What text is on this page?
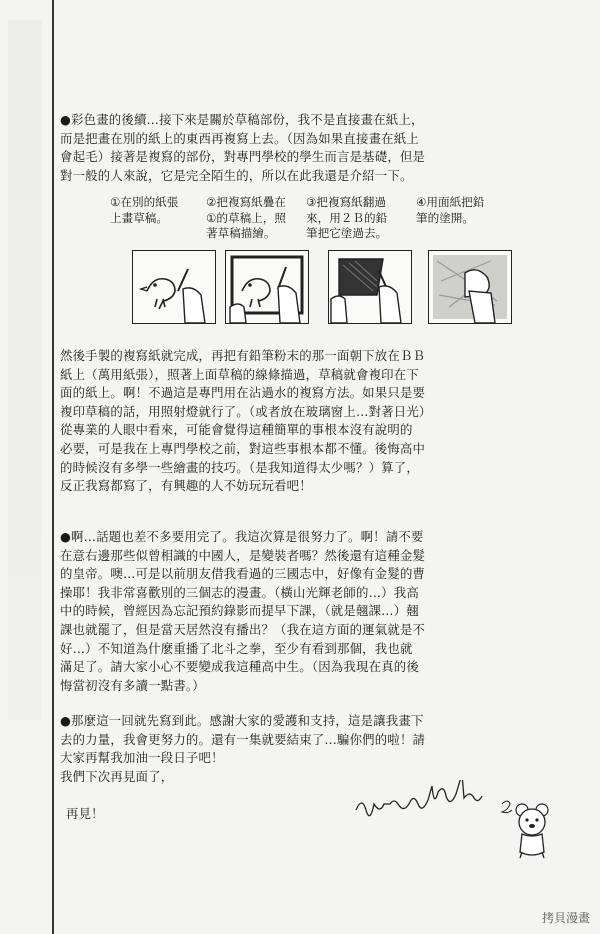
●彩色畫的後續…接下來是關於草稿部份，我不是直接畫在紙上，
而是把畫在別的紙上的東西再複寫上去。（因為如果直接畫在紙上
會起毛）接著是複寫的部份，對專門學校的學生而言是基礎，但是
對一般的人來說，它是完全陌生的，所以在此我還是介紹一下。
①在別的紙張
上畫草稿。
②把複寫紙疊在
①的草稿上，照
著草稿描繪。
③把複寫紙翻過
來，用２Ｂ的鉛
筆把它塗過去。
④用面紙把鉛
筆的塗開。
然後手製的複寫紙就完成，再把有鉛筆粉末的那一面朝下放在ＢＢ
紙上（萬用紙張），照著上面草稿的線條描過，草稿就會複印在下
面的紙上。啊！不過這是專門用在沾過水的複寫方法。如果只是要
複印草稿的話，用照射燈就行了。（或者放在玻璃窗上…對著日光）
從專業的人眼中看來，可能會覺得這種簡單的事根本沒有說明的
必要，可是我在上專門學校之前，對這些事根本都不懂。後悔高中
的時候沒有多學一些繪畫的技巧。（是我知道得太少嗎？）算了，
反正我寫都寫了，有興趣的人不妨玩玩看吧！
●啊…話題也差不多要用完了。我這次算是很努力了。啊！請不要
在意右邊那些似曾相識的中國人，是變裝者嗎？然後還有這種金髮
的皇帝。噢…可是以前朋友借我看過的三國志中，好像有金髮的曹
操耶！我非常喜歡別的三個志的漫畫。（橫山光輝老師的…）我高
中的時候，曾經因為忘記預約錄影而提早下課，（就是翹課…）翹
課也就罷了，但是當天居然沒有播出？（我在這方面的運氣就是不
好…）不知道為什麼重播了北斗之拳，至少有看到那個，我也就
滿足了。請大家小心不要變成我這種高中生。（因為我現在真的後
悔當初沒有多讀一點書。）
●那麼這一回就先寫到此。感謝大家的愛護和支持，這是讓我畫下
去的力量，我會更努力的。還有一集就要結束了…騙你們的啦！請
大家再幫我加油一段日子吧！
我們下次再見面了，
再見！
拷貝漫畫
